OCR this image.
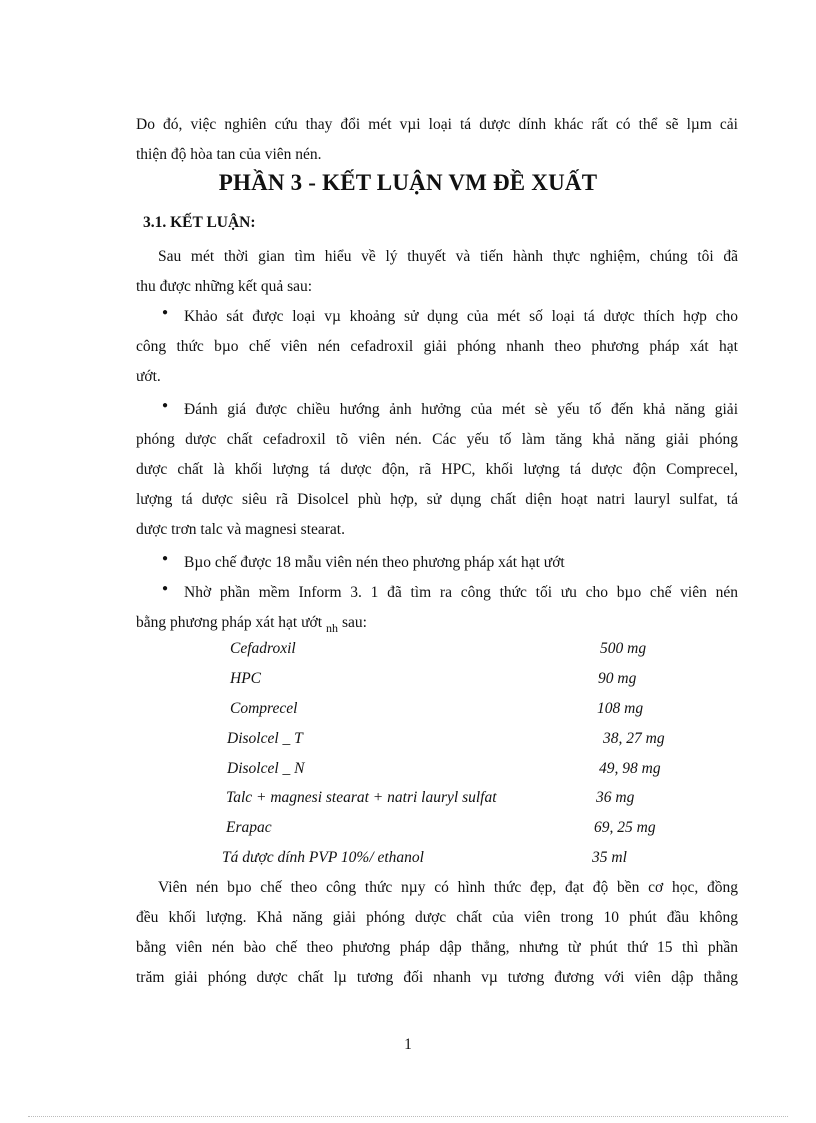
Do đó, việc nghiên cứu thay đổi mét vµi loại tá dược dính khác rất có thể sẽ lµm cải
thiện độ hòa tan của viên nén.
PHẦN 3 - KẾT LUẬN VM ĐỀ XUẤT
3.1. KẾT LUẬN:
Sau mét thời gian tìm hiểu về lý thuyết và tiến hành thực nghiệm, chúng tôi đã
thu được những kết quả sau:
●	Khảo sát được loại vµ khoảng sử dụng của mét số loại tá dược thích hợp cho
công thức bµo chế viên nén cefadroxil giải phóng nhanh theo phương pháp xát hạt
ướt.
●	Đánh giá được chiều hướng ảnh hưởng của mét sè yếu tố đến khả năng giải
phóng dược chất cefadroxil tõ viên nén. Các yếu tố làm tăng khả năng giải phóng
dược chất là khối lượng tá dược độn, rã HPC, khối lượng tá dược độn Comprecel,
lượng tá dược siêu rã Disolcel phù hợp, sử dụng chất diện hoạt natri lauryl sulfat, tá
dược trơn talc và magnesi stearat.
●	Bµo chế được 18 mẫu viên nén theo phương pháp xát hạt ướt
●	Nhờ phần mềm Inform 3. 1 đã tìm ra công thức tối ưu cho bµo chế viên nén
bằng phương pháp xát hạt ướt $_{nh}$ sau:
Cefadroxil	500 mg
HPC	90 mg
Comprecel	108 mg
Disolcel _ T	38, 27 mg
Disolcel _ N	49, 98 mg
Talc + magnesi stearat + natri lauryl sulfat	36 mg
Erapac	69, 25 mg
Tá dược dính PVP 10%/ ethanol	35 ml
Viên nén bµo chế theo công thức nµy có hình thức đẹp, đạt độ bền cơ học, đồng
đều khối lượng. Khả năng giải phóng dược chất của viên trong 10 phút đầu không
bằng viên nén bào chế theo phương pháp dập thẳng, nhưng từ phút thứ 15 thì phần
trăm giải phóng dược chất lµ tương đối nhanh vµ tương đương với viên dập thẳng
1
